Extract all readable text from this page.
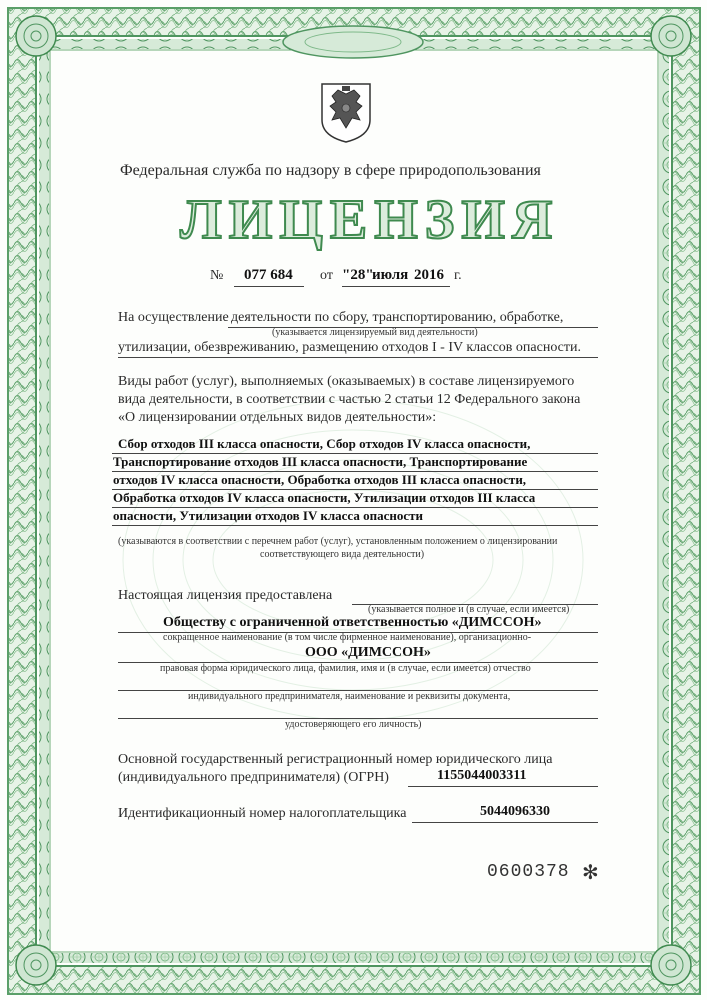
Федеральная служба по надзору в сфере природопользования
ЛИЦЕНЗИЯ
№ 077 684 от "28"
июля 2016 г.
На осуществление деятельности по сбору, транспортированию, обработке,
(указывается лицензируемый вид деятельности)
утилизации, обезвреживанию, размещению отходов I - IV классов опасности.
Виды работ (услуг), выполняемых (оказываемых) в составе лицензируемого
вида деятельности, в соответствии с частью 2 статьи 12 Федерального закона
«О лицензировании отдельных видов деятельности»:
Сбор отходов III класса опасности, Сбор отходов IV класса опасности,
Транспортирование отходов III класса опасности, Транспортирование
отходов IV класса опасности, Обработка отходов III класса опасности,
Обработка отходов IV класса опасности, Утилизации отходов III класса
опасности, Утилизации отходов IV класса опасности
(указываются в соответствии с перечнем работ (услуг), установленным положением о лицензировании
соответствующего вида деятельности)
Настоящая лицензия предоставлена
(указывается полное и (в случае, если имеется)
Обществу с ограниченной ответственностью «ДИМССОН»
сокращенное наименование (в том числе фирменное наименование), организационно-
ООО «ДИМССОН»
правовая форма юридического лица, фамилия, имя и (в случае, если имеется) отчество
индивидуального предпринимателя, наименование и реквизиты документа,
удостоверяющего его личность)
Основной государственный регистрационный номер юридического лица
(индивидуального предпринимателя) (ОГРН)	1155044003311
Идентификационный номер налогоплательщика	5044096330
0600378 ✻
